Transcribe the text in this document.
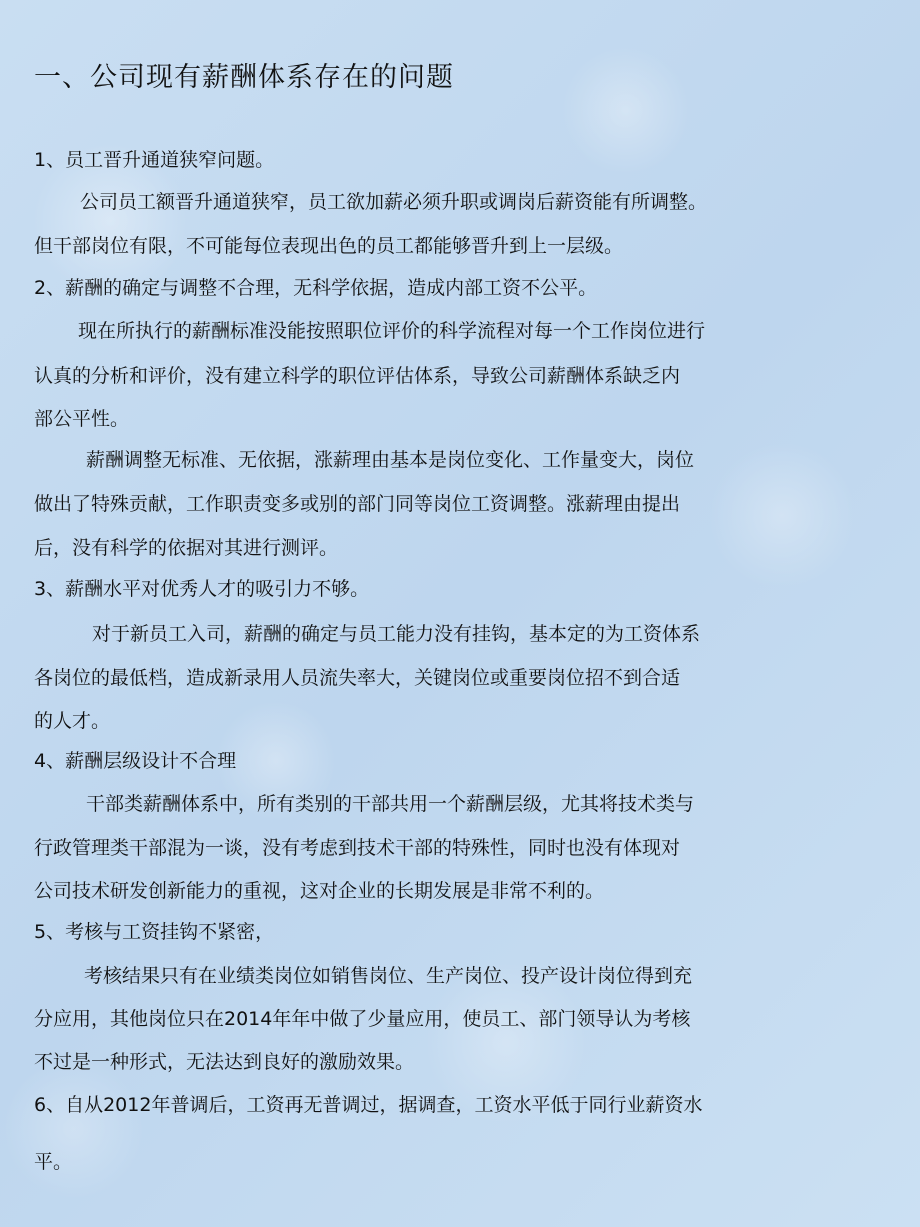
一、公司现有薪酬体系存在的问题
1、员工晋升通道狭窄问题。
公司员工额晋升通道狭窄，员工欲加薪必须升职或调岗后薪资能有所调整。
但干部岗位有限，不可能每位表现出色的员工都能够晋升到上一层级。
2、薪酬的确定与调整不合理，无科学依据，造成内部工资不公平。
现在所执行的薪酬标准没能按照职位评价的科学流程对每一个工作岗位进行
认真的分析和评价，没有建立科学的职位评估体系，导致公司薪酬体系缺乏内
部公平性。
薪酬调整无标准、无依据，涨薪理由基本是岗位变化、工作量变大，岗位
做出了特殊贡献，工作职责变多或别的部门同等岗位工资调整。涨薪理由提出
后，没有科学的依据对其进行测评。
3、薪酬水平对优秀人才的吸引力不够。
对于新员工入司，薪酬的确定与员工能力没有挂钩，基本定的为工资体系
各岗位的最低档，造成新录用人员流失率大，关键岗位或重要岗位招不到合适
的人才。
4、薪酬层级设计不合理
干部类薪酬体系中，所有类别的干部共用一个薪酬层级，尤其将技术类与
行政管理类干部混为一谈，没有考虑到技术干部的特殊性，同时也没有体现对
公司技术研发创新能力的重视，这对企业的长期发展是非常不利的。
5、考核与工资挂钩不紧密，
考核结果只有在业绩类岗位如销售岗位、生产岗位、投产设计岗位得到充
分应用，其他岗位只在2014年年中做了少量应用，使员工、部门领导认为考核
不过是一种形式，无法达到良好的激励效果。
6、自从2012年普调后，工资再无普调过，据调查，工资水平低于同行业薪资水
平。
